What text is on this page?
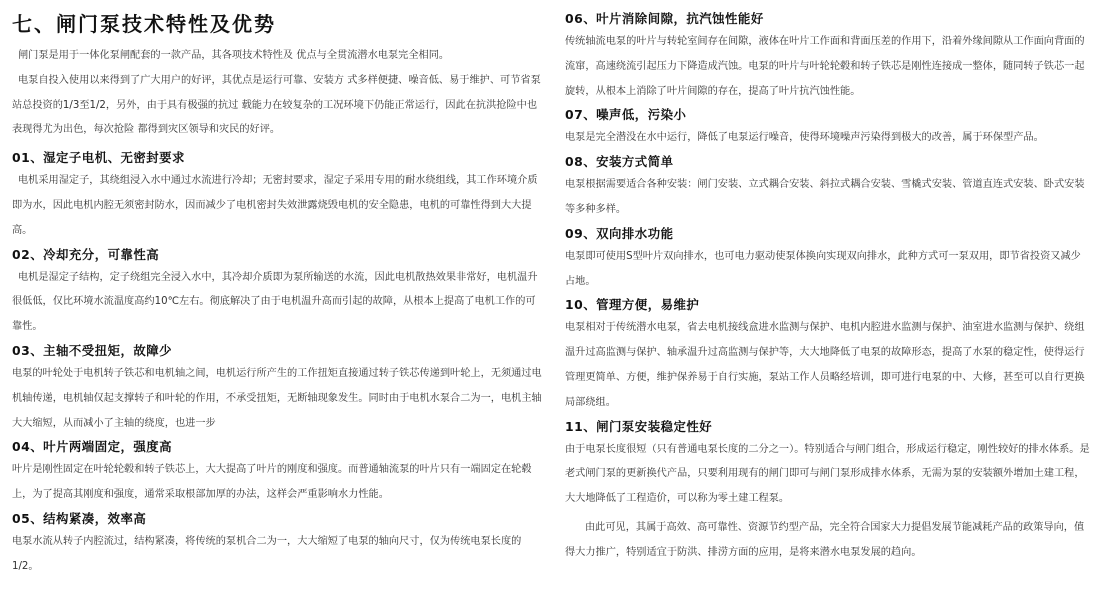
七、闸门泵技术特性及优势

闸门泵是用于一体化泵闸配套的一款产品，其各项技术特性及 优点与全贯流潜水电泵完全相同。

电泵自投入使用以来得到了广大用户的好评，其优点是运行可靠、安装方 式多样便捷、噪音低、易于维护、可节省泵站总投资的1/3至1/2，另外，由于具有极强的抗过 载能力在较复杂的工况环境下仍能正常运行，因此在抗洪抢险中也表现得尤为出色，每次抢险 都得到灾区领导和灾民的好评。

01、湿定子电机、无密封要求

电机采用湿定子，其绕组浸入水中通过水流进行冷却；无密封要求，湿定子采用专用的耐水绕组线，其工作环境介质即为水，因此电机内腔无须密封防水，因而减少了电机密封失效泄露烧毁电机的安全隐患，电机的可靠性得到大大提高。

02、冷却充分，可靠性高

电机是湿定子结构，定子绕组完全浸入水中，其冷却介质即为泵所输送的水流，因此电机散热效果非常好，电机温升很低低，仅比环境水流温度高约10℃左右。彻底解决了由于电机温升高而引起的故障，从根本上提高了电机工作的可靠性。

03、主轴不受扭矩，故障少

电泵的叶轮处于电机转子铁芯和电机轴之间，电机运行所产生的工作扭矩直接通过转子铁芯传递到叶轮上，无须通过电机轴传递，电机轴仅起支撑转子和叶轮的作用，不承受扭矩，无断轴现象发生。同时由于电机水泵合二为一，电机主轴大大缩短，从而减小了主轴的绕度，也进一步

04、叶片两端固定，强度高

叶片是刚性固定在叶轮轮毂和转子铁芯上，大大提高了叶片的刚度和强度。而普通轴流泵的叶片只有一端固定在轮毂上，为了提高其刚度和强度，通常采取根部加厚的办法，这样会严重影响水力性能。

05、结构紧凑，效率高

电泵水流从转子内腔流过，结构紧凑，将传统的泵机合二为一，大大缩短了电泵的轴向尺寸，仅为传统电泵长度的1/2。

06、叶片消除间隙，抗汽蚀性能好

传统轴流电泵的叶片与转轮室间存在间隙，液体在叶片工作面和背面压差的作用下，沿着外缘间隙从工作面向背面的流窜，高速绕流引起压力下降造成汽蚀。电泵的叶片与叶轮轮毂和转子铁芯是刚性连接成一整体，随同转子铁芯一起旋转，从根本上消除了叶片间隙的存在，提高了叶片抗汽蚀性能。

07、噪声低，污染小

电泵是完全潜没在水中运行，降低了电泵运行噪音，使得环境噪声污染得到极大的改善，属于环保型产品。

08、安装方式简单

电泵根据需要适合各种安装：闸门安装、立式耦合安装、斜拉式耦合安装、雪橇式安装、管道直连式安装、卧式安装等多种多样。

09、双向排水功能

电泵即可使用S型叶片双向排水，也可电力驱动使泵体换向实现双向排水，此种方式可一泵双用，即节省投资又减少占地。

10、管理方便，易维护

电泵相对于传统潜水电泵，省去电机接线盒进水监测与保护、电机内腔进水监测与保护、油室进水监测与保护、绕组温升过高监测与保护、轴承温升过高监测与保护等，大大地降低了电泵的故障形态，提高了水泵的稳定性，使得运行管理更简单、方便，维护保养易于自行实施，泵站工作人员略经培训，即可进行电泵的中、大修，甚至可以自行更换局部绕组。

11、闸门泵安装稳定性好

由于电泵长度很短（只有普通电泵长度的二分之一）。特别适合与闸门组合，形成运行稳定，刚性较好的排水体系。是老式闸门泵的更新换代产品，只要利用现有的闸门即可与闸门泵形成排水体系，无需为泵的安装额外增加土建工程，大大地降低了工程造价，可以称为零土建工程泵。

由此可见，其属于高效、高可靠性、资源节约型产品，完全符合国家大力提倡发展节能减耗产品的政策导向，值得大力推广，特别适宜于防洪、排涝方面的应用，是将来潜水电泵发展的趋向。
